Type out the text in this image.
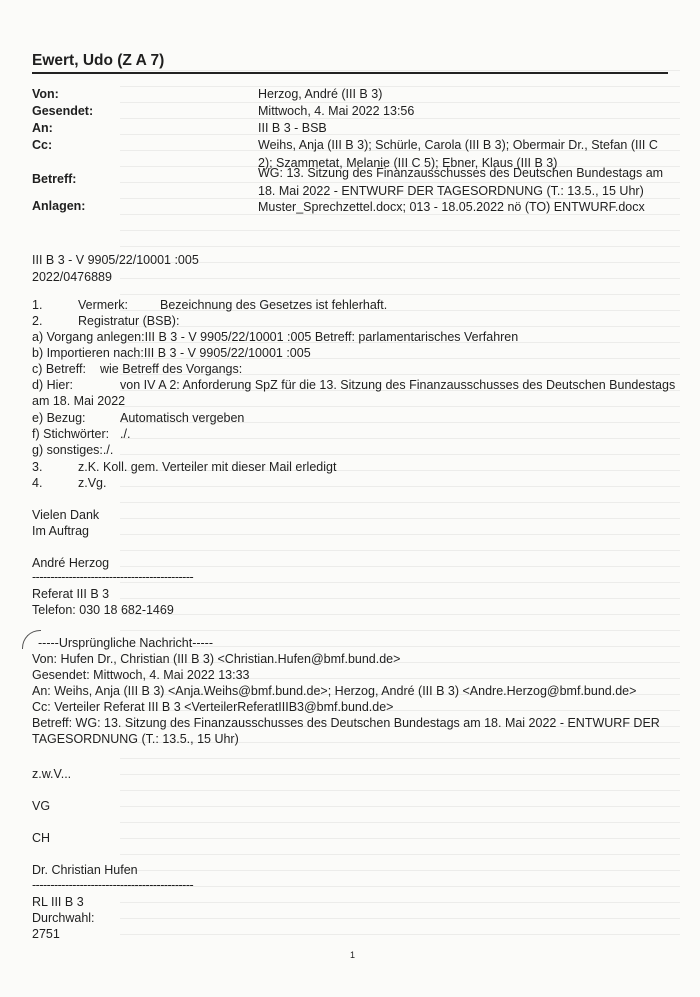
Ewert, Udo (Z A 7)
Von:	Herzog, André (III B 3)
Gesendet:	Mittwoch, 4. Mai 2022 13:56
An:	III B 3 - BSB
Cc:	Weihs, Anja (III B 3); Schürle, Carola (III B 3); Obermair Dr., Stefan (III C 2); Szammetat, Melanie (III C 5); Ebner, Klaus (III B 3)
Betreff:	WG: 13. Sitzung des Finanzausschusses des Deutschen Bundestags am 18. Mai 2022 - ENTWURF DER TAGESORDNUNG (T.: 13.5., 15 Uhr)
Anlagen:	Muster_Sprechzettel.docx; 013 - 18.05.2022 nö (TO) ENTWURF.docx
III B 3 - V 9905/22/10001 :005
2022/0476889
1.	Vermerk:	Bezeichnung des Gesetzes ist fehlerhaft.
2.	Registratur (BSB):
a) Vorgang anlegen:III B 3 - V 9905/22/10001 :005 Betreff: parlamentarisches Verfahren
b) Importieren nach:III B 3 - V 9905/22/10001 :005
c) Betreff: wie Betreff des Vorgangs:
d) Hier:	von IV A 2: Anforderung SpZ für die 13. Sitzung des Finanzausschusses des Deutschen Bundestags
am 18. Mai 2022
e) Bezug:	Automatisch vergeben
f) Stichwörter: ./.
g) sonstiges:./.
3.	z.K. Koll. gem. Verteiler mit dieser Mail erledigt
4.	z.Vg.
Vielen Dank
Im Auftrag
André Herzog
--------------------------------------------
Referat III B 3
Telefon: 030 18 682-1469
-----Ursprüngliche Nachricht-----
Von: Hufen Dr., Christian (III B 3) <Christian.Hufen@bmf.bund.de>
Gesendet: Mittwoch, 4. Mai 2022 13:33
An: Weihs, Anja (III B 3) <Anja.Weihs@bmf.bund.de>; Herzog, André (III B 3) <Andre.Herzog@bmf.bund.de>
Cc: Verteiler Referat III B 3 <VerteilerReferatIIIB3@bmf.bund.de>
Betreff: WG: 13. Sitzung des Finanzausschusses des Deutschen Bundestags am 18. Mai 2022 - ENTWURF DER
TAGESORDNUNG (T.: 13.5., 15 Uhr)
z.w.V...
VG
CH
Dr. Christian Hufen
--------------------------------------------
RL III B 3
Durchwahl:
2751
1
